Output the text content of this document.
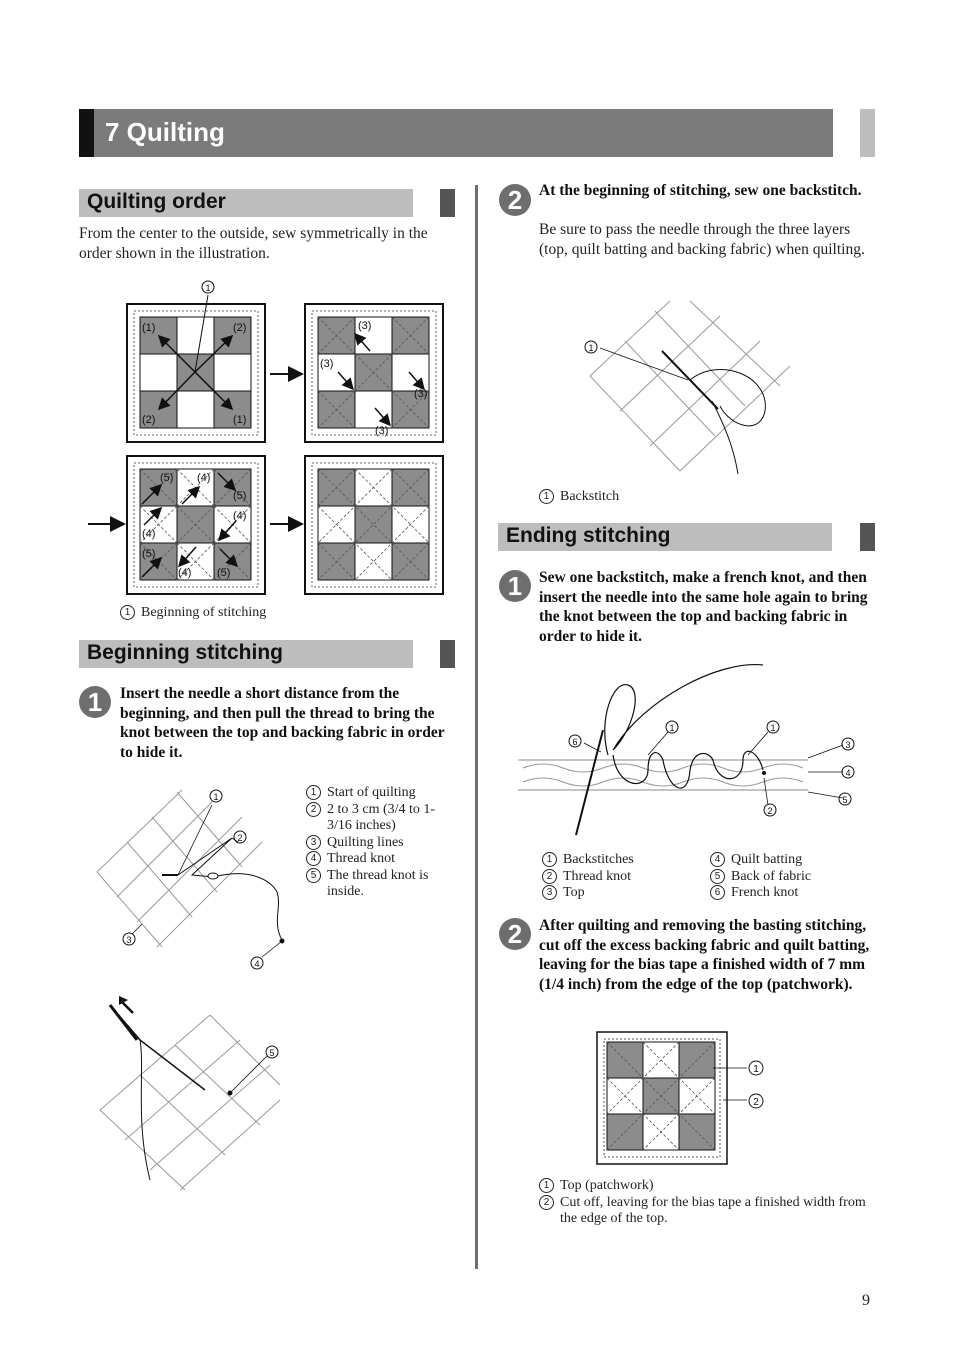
7 Quilting
Quilting order
From the center to the outside, sew symmetrically in the order shown in the illustration.
(1)	(2)
(2)	(1)
1
(3)
(3)
(3)
(3)
(5) (4)
(5)
(4)
(4)
(5)
(4) (5)
1 Beginning of stitching
Beginning stitching
1	Insert the needle a short distance from the beginning, and then pull the thread to bring the knot between the top and backing fabric in order to hide it.
1
2
3
4
1 Start of quilting
2 2 to 3 cm (3/4 to 1-3/16 inches)
3 Quilting lines
4 Thread knot
5 The thread knot is inside.
5
2	At the beginning of stitching, sew one backstitch.
Be sure to pass the needle through the three layers (top, quilt batting and backing fabric) when quilting.
1
1 Backstitch
Ending stitching
1	Sew one backstitch, make a french knot, and then insert the needle into the same hole again to bring the knot between the top and backing fabric in order to hide it.
6
1	1
2
3
4
5
1 Backstitches
2 Thread knot
3 Top
4 Quilt batting
5 Back of fabric
6 French knot
2	After quilting and removing the basting stitching, cut off the excess backing fabric and quilt batting, leaving for the bias tape a finished width of 7 mm (1/4 inch) from the edge of the top (patchwork).
1
2
1 Top (patchwork)
2 Cut off, leaving for the bias tape a finished width from the edge of the top.
9
